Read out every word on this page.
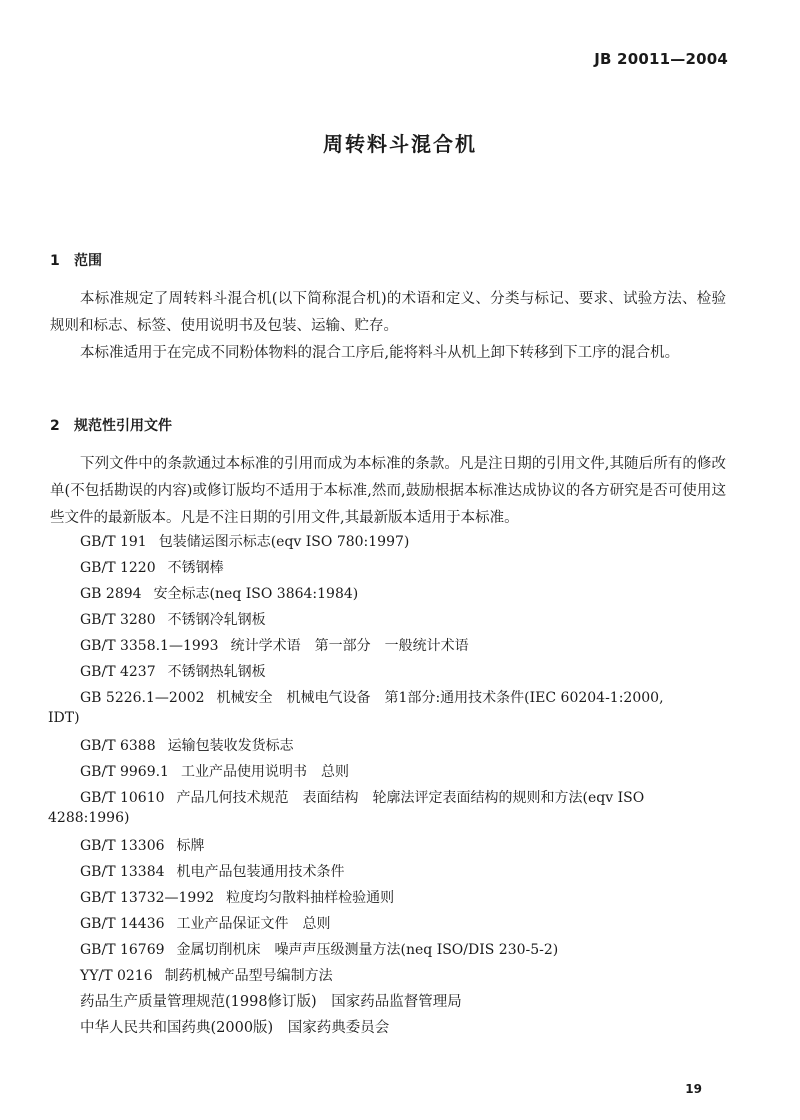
JB 20011—2004
周转料斗混合机
1 范围
本标准规定了周转料斗混合机(以下简称混合机)的术语和定义、分类与标记、要求、试验方法、检验规则和标志、标签、使用说明书及包装、运输、贮存。
本标准适用于在完成不同粉体物料的混合工序后,能将料斗从机上卸下转移到下工序的混合机。
2 规范性引用文件
下列文件中的条款通过本标准的引用而成为本标准的条款。凡是注日期的引用文件,其随后所有的修改单(不包括勘误的内容)或修订版均不适用于本标准,然而,鼓励根据本标准达成协议的各方研究是否可使用这些文件的最新版本。凡是不注日期的引用文件,其最新版本适用于本标准。
GB/T 191 包装储运图示标志(eqv ISO 780:1997)
GB/T 1220 不锈钢棒
GB 2894 安全标志(neq ISO 3864:1984)
GB/T 3280 不锈钢冷轧钢板
GB/T 3358.1—1993 统计学术语　第一部分　一般统计术语
GB/T 4237 不锈钢热轧钢板
GB 5226.1—2002 机械安全　机械电气设备　第1部分:通用技术条件(IEC 60204-1:2000,
IDT)
GB/T 6388 运输包装收发货标志
GB/T 9969.1 工业产品使用说明书　总则
GB/T 10610 产品几何技术规范　表面结构　轮廓法评定表面结构的规则和方法(eqv ISO
4288:1996)
GB/T 13306 标牌
GB/T 13384 机电产品包装通用技术条件
GB/T 13732—1992 粒度均匀散料抽样检验通则
GB/T 14436 工业产品保证文件　总则
GB/T 16769 金属切削机床　噪声声压级测量方法(neq ISO/DIS 230-5-2)
YY/T 0216 制药机械产品型号编制方法
药品生产质量管理规范(1998修订版)　国家药品监督管理局
中华人民共和国药典(2000版)　国家药典委员会
19
